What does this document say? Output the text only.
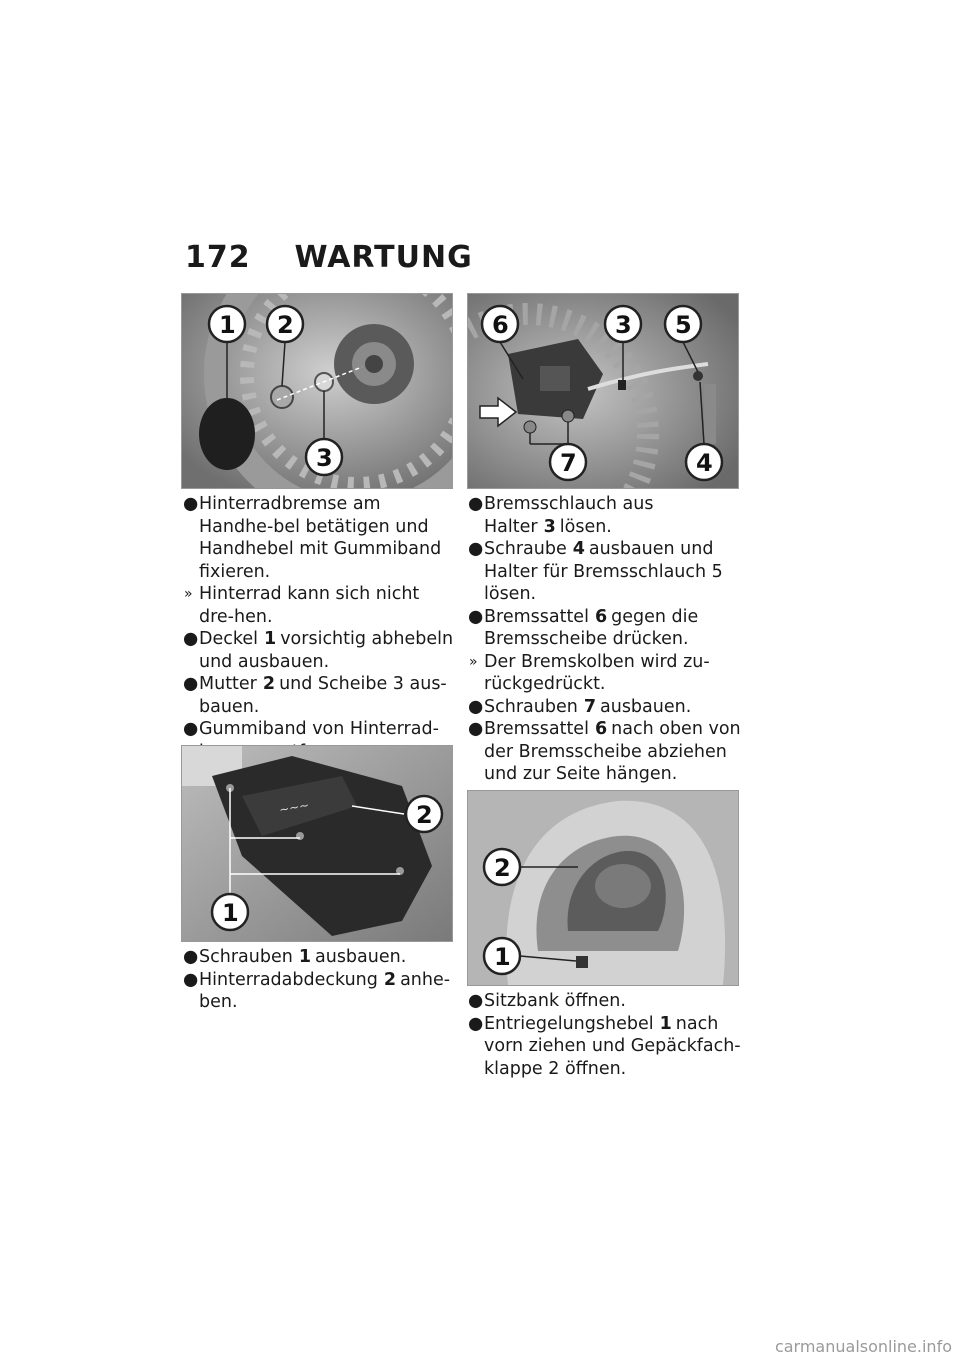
172 WARTUNG
1 2
3

● Hinterradbremse am Handhe-bel betätigen und Handhebel mit Gummiband fixieren.

» Hinterrad kann sich nicht dre-hen.

● Deckel 1 vorsichtig abhebeln und ausbauen.

● Mutter 2 und Scheibe 3 aus-bauen.

● Gummiband von Hinterrad-

~~~	2
1

● Schrauben 1 ausbauen.

● Hinterradabdeckung 2 anhe-ben.

6	3 5
7	4

● Bremsschlauch aus Halter 3 lösen.

● Schraube 4 ausbauen und Halter für Bremsschlauch 5 lösen.

● Bremssattel 6 gegen die Bremsscheibe drücken.

» Der Bremskolben wird zu-rückgedrückt.

● Schrauben 7 ausbauen.

● Bremssattel 6 nach oben von der Bremsscheibe abziehen und zur Seite hängen.

2
1

● Sitzbank öffnen.

● Entriegelungshebel 1 nach vorn ziehen und Gepäckfach-klappe 2 öffnen.

carmanualsonline.info
